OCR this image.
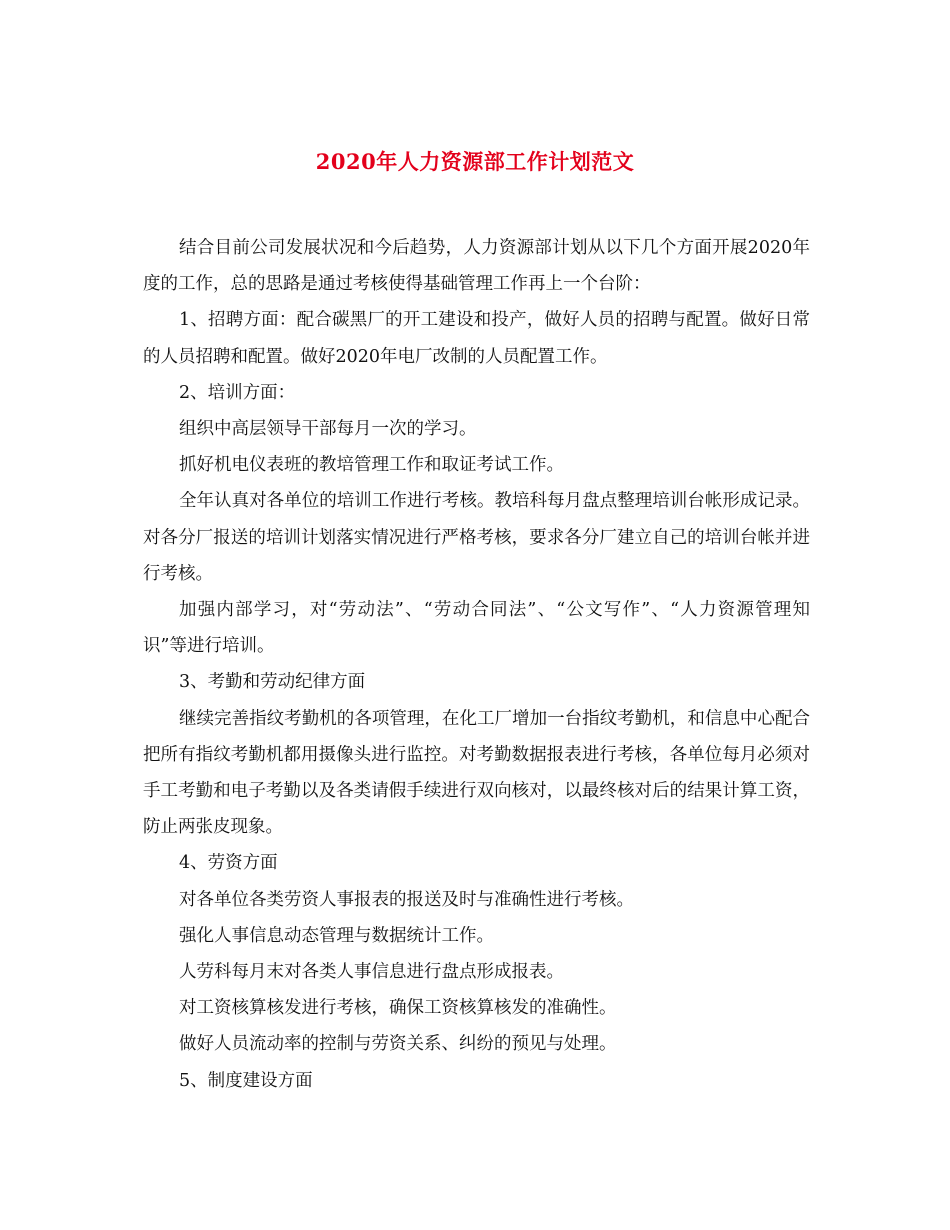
2020年人力资源部工作计划范文

结合目前公司发展状况和今后趋势，人力资源部计划从以下几个方面开展2020年度的工作，总的思路是通过考核使得基础管理工作再上一个台阶：

1、招聘方面：配合碳黑厂的开工建设和投产，做好人员的招聘与配置。做好日常的人员招聘和配置。做好2020年电厂改制的人员配置工作。

2、培训方面：

组织中高层领导干部每月一次的学习。

抓好机电仪表班的教培管理工作和取证考试工作。

全年认真对各单位的培训工作进行考核。教培科每月盘点整理培训台帐形成记录。对各分厂报送的培训计划落实情况进行严格考核，要求各分厂建立自己的培训台帐并进行考核。

加强内部学习，对“劳动法”、“劳动合同法”、“公文写作”、“人力资源管理知识”等进行培训。

3、考勤和劳动纪律方面

继续完善指纹考勤机的各项管理，在化工厂增加一台指纹考勤机，和信息中心配合把所有指纹考勤机都用摄像头进行监控。对考勤数据报表进行考核，各单位每月必须对手工考勤和电子考勤以及各类请假手续进行双向核对，以最终核对后的结果计算工资，防止两张皮现象。

4、劳资方面

对各单位各类劳资人事报表的报送及时与准确性进行考核。

强化人事信息动态管理与数据统计工作。

人劳科每月末对各类人事信息进行盘点形成报表。

对工资核算核发进行考核，确保工资核算核发的准确性。

做好人员流动率的控制与劳资关系、纠纷的预见与处理。

5、制度建设方面
